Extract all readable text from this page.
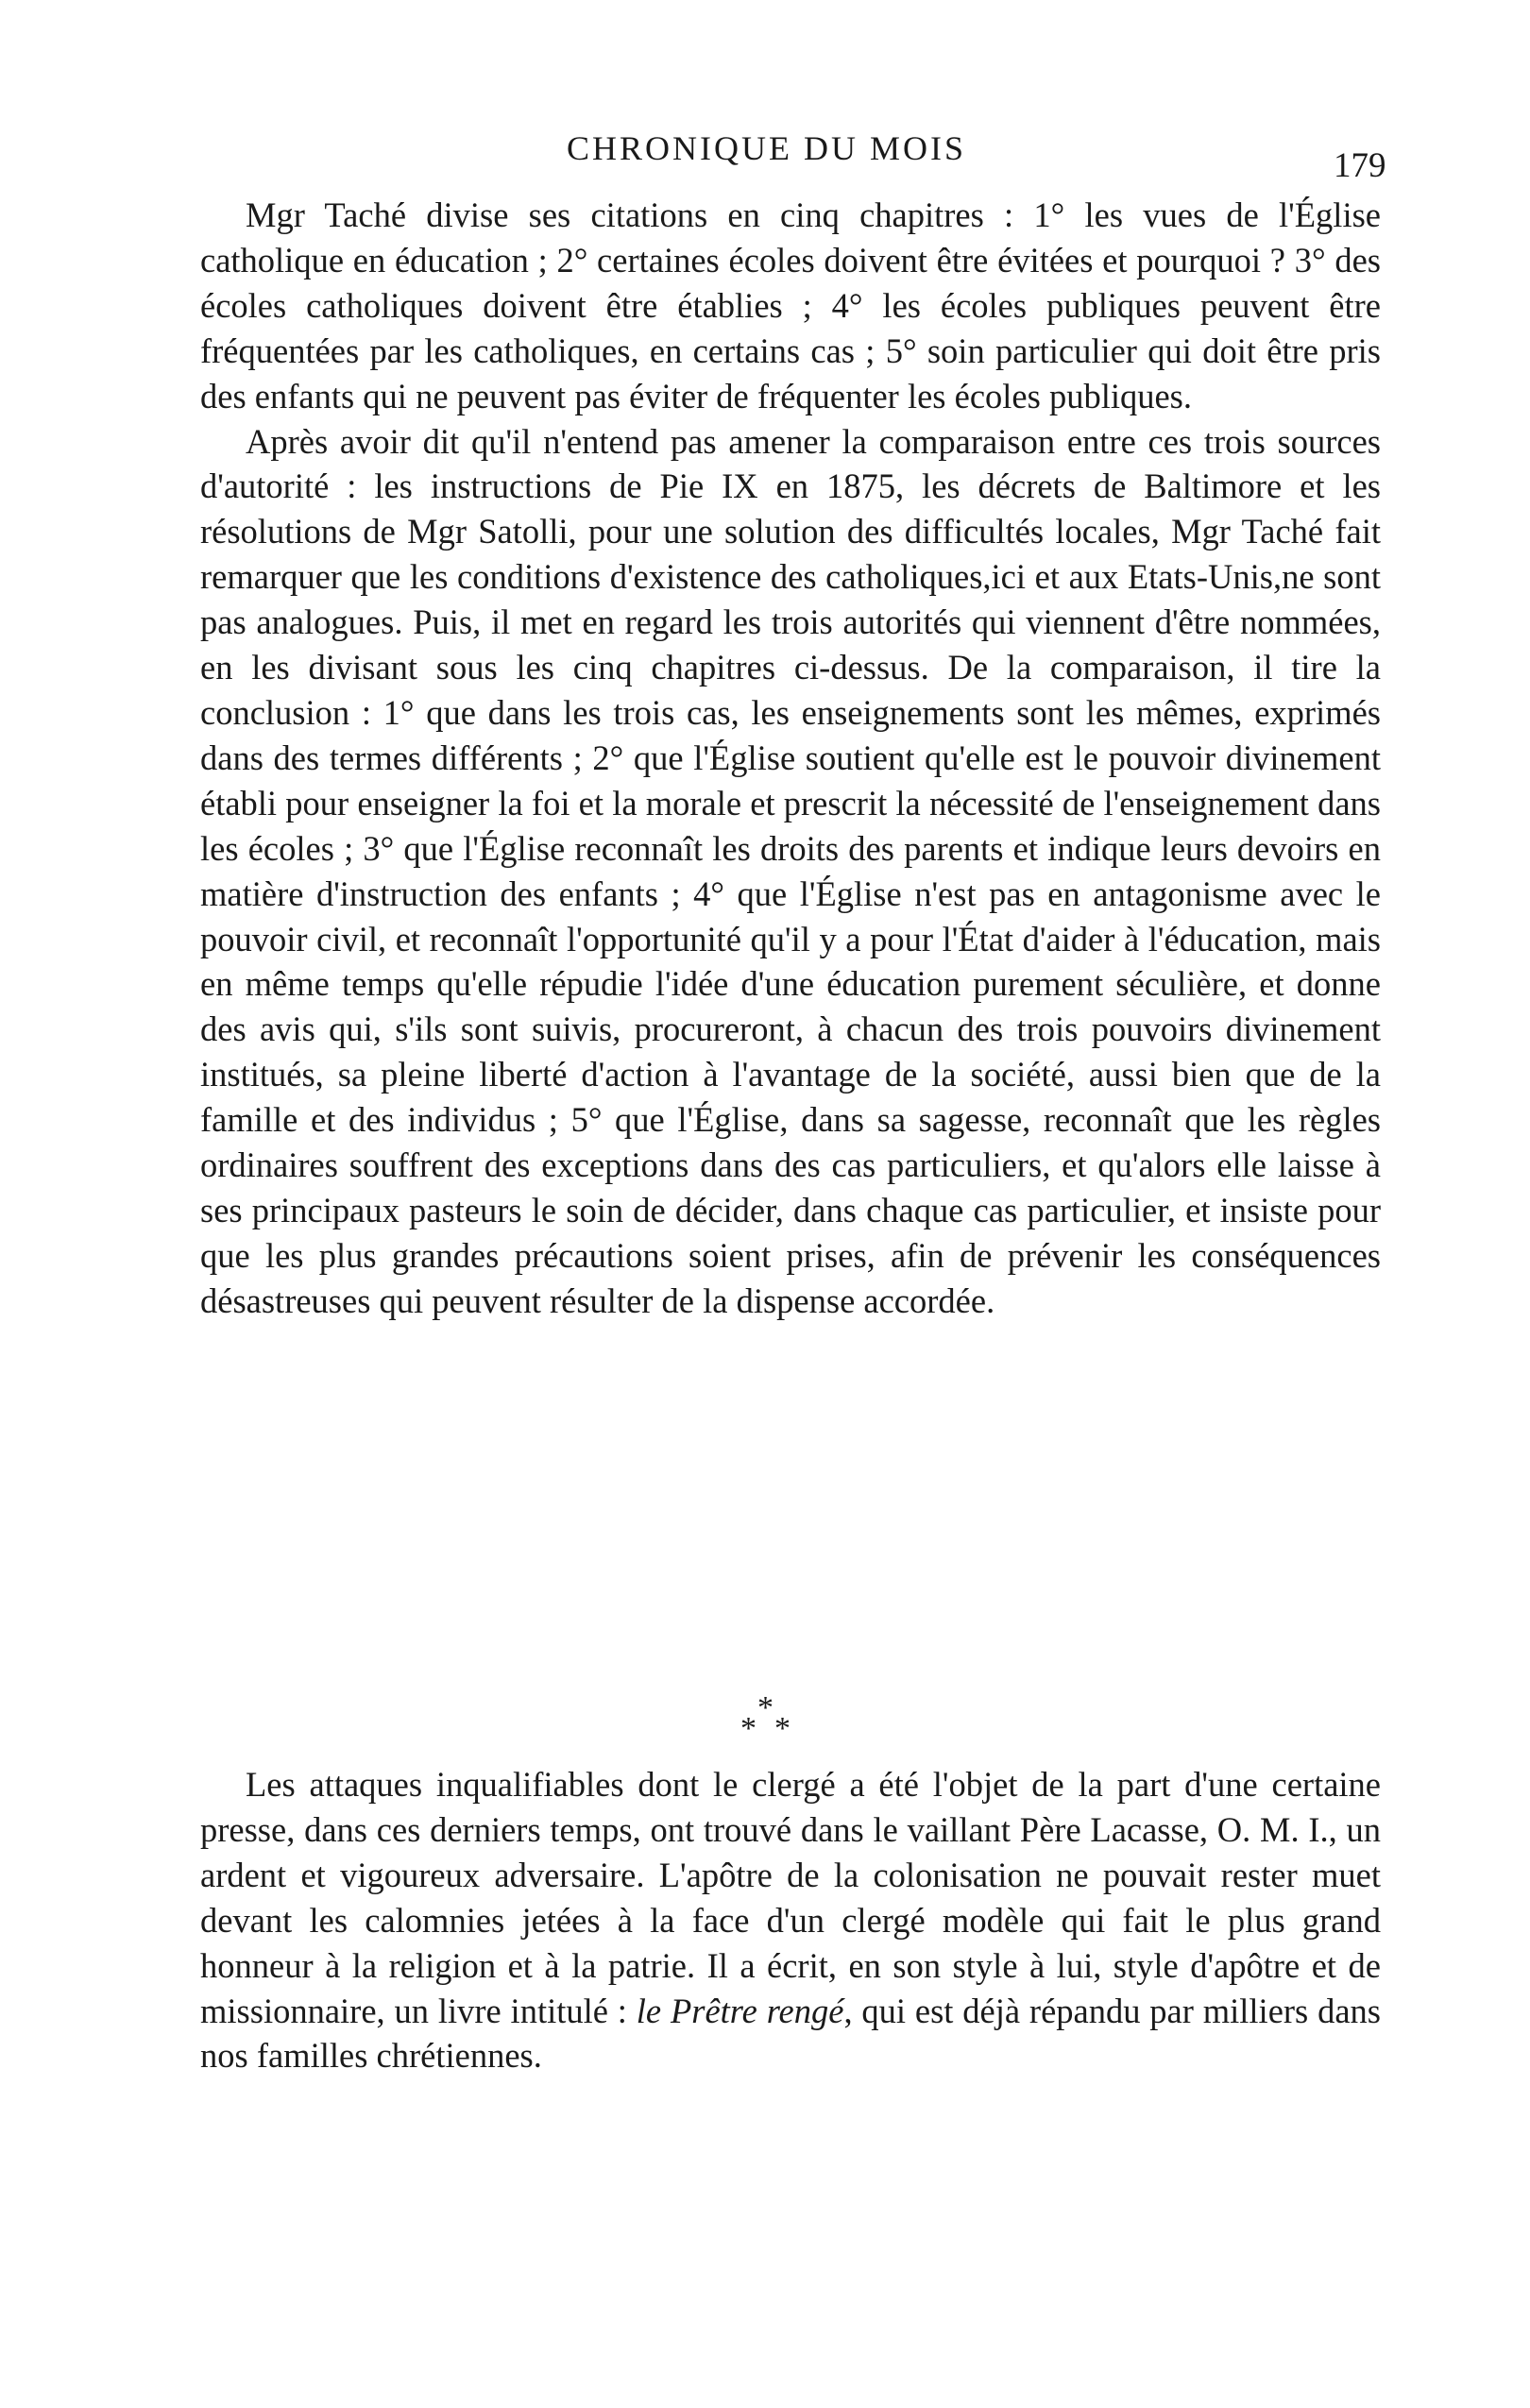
CHRONIQUE DU MOIS	179

Mgr Taché divise ses citations en cinq chapitres : 1° les vues de l'Église catholique en éducation ; 2° certaines écoles doivent être évitées et pourquoi ? 3° des écoles catholiques doivent être établies ; 4° les écoles publiques peuvent être fréquentées par les catholiques, en certains cas ; 5° soin particulier qui doit être pris des enfants qui ne peuvent pas éviter de fréquenter les écoles publiques.

Après avoir dit qu'il n'entend pas amener la comparaison entre ces trois sources d'autorité : les instructions de Pie IX en 1875, les décrets de Baltimore et les résolutions de Mgr Satolli, pour une solution des difficultés locales, Mgr Taché fait remarquer que les conditions d'existence des catholiques,ici et aux Etats-Unis,ne sont pas analogues. Puis, il met en regard les trois autorités qui viennent d'être nommées, en les divisant sous les cinq chapitres ci-dessus. De la comparaison, il tire la conclusion : 1° que dans les trois cas, les enseignements sont les mêmes, exprimés dans des termes différents ; 2° que l'Église soutient qu'elle est le pouvoir divinement établi pour enseigner la foi et la morale et prescrit la nécessité de l'enseignement dans les écoles ; 3° que l'Église reconnaît les droits des parents et indique leurs devoirs en matière d'instruction des enfants ; 4° que l'Église n'est pas en antagonisme avec le pouvoir civil, et reconnaît l'opportunité qu'il y a pour l'État d'aider à l'éducation, mais en même temps qu'elle répudie l'idée d'une éducation purement séculière, et donne des avis qui, s'ils sont suivis, procureront, à chacun des trois pouvoirs divinement institués, sa pleine liberté d'action à l'avantage de la société, aussi bien que de la famille et des individus ; 5° que l'Église, dans sa sagesse, reconnaît que les règles ordinaires souffrent des exceptions dans des cas particuliers, et qu'alors elle laisse à ses principaux pasteurs le soin de décider, dans chaque cas particulier, et insiste pour que les plus grandes précautions soient prises, afin de prévenir les conséquences désastreuses qui peuvent résulter de la dispense accordée.

*
* *

Les attaques inqualifiables dont le clergé a été l'objet de la part d'une certaine presse, dans ces derniers temps, ont trouvé dans le vaillant Père Lacasse, O. M. I., un ardent et vigoureux adversaire. L'apôtre de la colonisation ne pouvait rester muet devant les calomnies jetées à la face d'un clergé modèle qui fait le plus grand honneur à la religion et à la patrie. Il a écrit, en son style à lui, style d'apôtre et de missionnaire, un livre intitulé : le Prêtre rengé, qui est déjà répandu par milliers dans nos familles chrétiennes.
